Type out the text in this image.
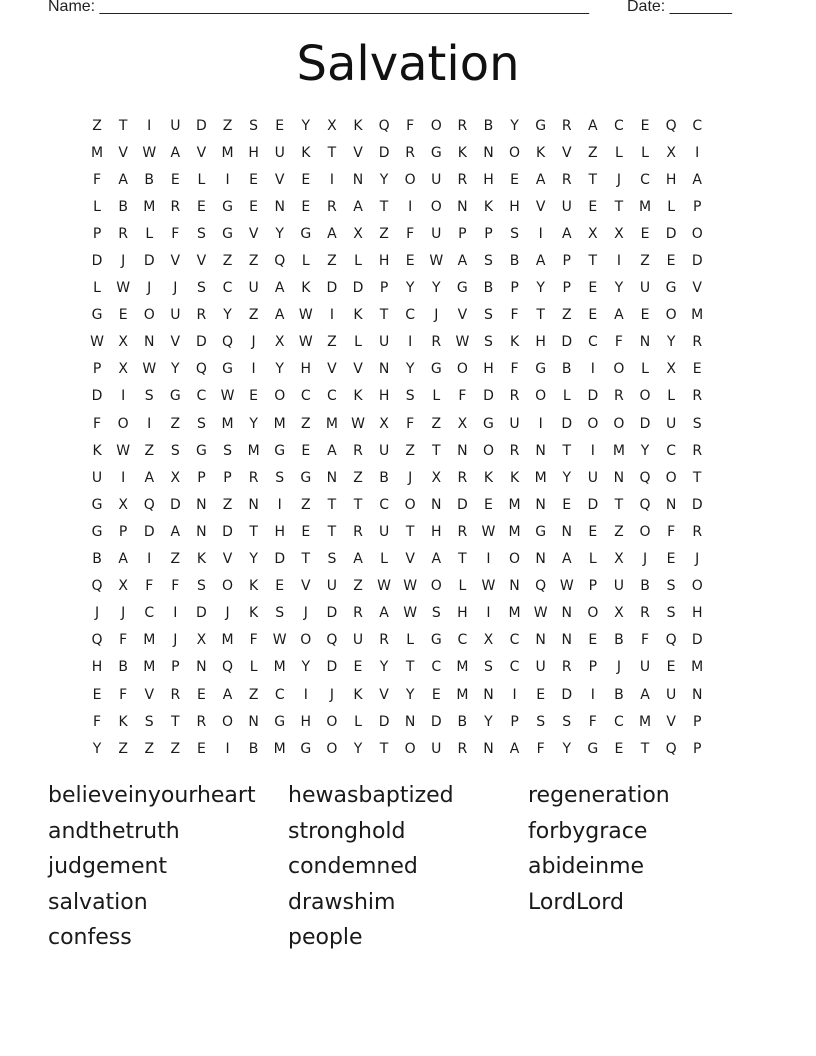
Name: _______________________________________________________ Date: _______
Salvation
Z	T	I	U	D	Z	S	E	Y	X	K	Q	F	O	R	B	Y	G	R	A	C	E	Q	C
M	V	W	A	V	M	H	U	K	T	V	D	R	G	K	N	O	K	V	Z	L	L	X	I
F	A	B	E	L	I	E	V	E	I	N	Y	O	U	R	H	E	A	R	T	J	C	H	A
L	B	M	R	E	G	E	N	E	R	A	T	I	O	N	K	H	V	U	E	T	M	L	P
P	R	L	F	S	G	V	Y	G	A	X	Z	F	U	P	P	S	I	A	X	X	E	D	O
D	J	D	V	V	Z	Z	Q	L	Z	L	H	E	W	A	S	B	A	P	T	I	Z	E	D
L	W	J	J	S	C	U	A	K	D	D	P	Y	Y	G	B	P	Y	P	E	Y	U	G	V
G	E	O	U	R	Y	Z	A	W	I	K	T	C	J	V	S	F	T	Z	E	A	E	O	M
W	X	N	V	D	Q	J	X	W	Z	L	U	I	R	W	S	K	H	D	C	F	N	Y	R
P	X	W	Y	Q	G	I	Y	H	V	V	N	Y	G	O	H	F	G	B	I	O	L	X	E
D	I	S	G	C	W	E	O	C	C	K	H	S	L	F	D	R	O	L	D	R	O	L	R
F	O	I	Z	S	M	Y	M	Z	M W	X	F	Z	X	G	U	I	D	O	O	D	U	S
K	W	Z	S	G	S	M	G	E	A	R	U	Z	T	N	O	R	N	T	I	M	Y	C	R
U	I	A	X	P	P	R	S	G	N	Z	B	J	X	R	K	K	M	Y	U	N	Q	O	T
G	X	Q	D	N	Z	N	I	Z	T	T	C	O	N	D	E	M	N	E	D	T	Q	N	D
G	P	D	A	N	D	T	H	E	T	R	U	T	H	R	W M	G	N	E	Z	O	F	R
B	A	I	Z	K	V	Y	D	T	S	A	L	V	A	T	I	O	N	A	L	X	J	E	J
Q	X	F	F	S	O	K	E	V	U	Z	W W O	L	W N	Q W	P	U	B	S	O
J	J	C	I	D	J	K	S	J	D	R	A	W	S	H	I	M W N	O	X	R	S	H
Q	F	M	J	X	M	F	W O	Q	U	R	L	G	C	X	C	N	N	E	B	F	Q	D
H	B	M	P	N	Q	L	M	Y	D	E	Y	T	C	M	S	C	U	R	P	J	U	E	M
E	F	V	R	E	A	Z	C	I	J	K	V	Y	E	M	N	I	E	D	I	B	A	U	N
F	K	S	T	R	O	N	G	H	O	L	D	N	D	B	Y	P	S	S	F	C	M	V	P
Y	Z	Z	Z	E	I	B	M	G	O	Y	T	O	U	R	N	A	F	Y	G	E	T	Q	P
believeinyourheart	hewasbaptized	regeneration
andthetruth	stronghold	forbygrace
judgement	condemned	abideinme
salvation	drawshim	LordLord
confess	people
